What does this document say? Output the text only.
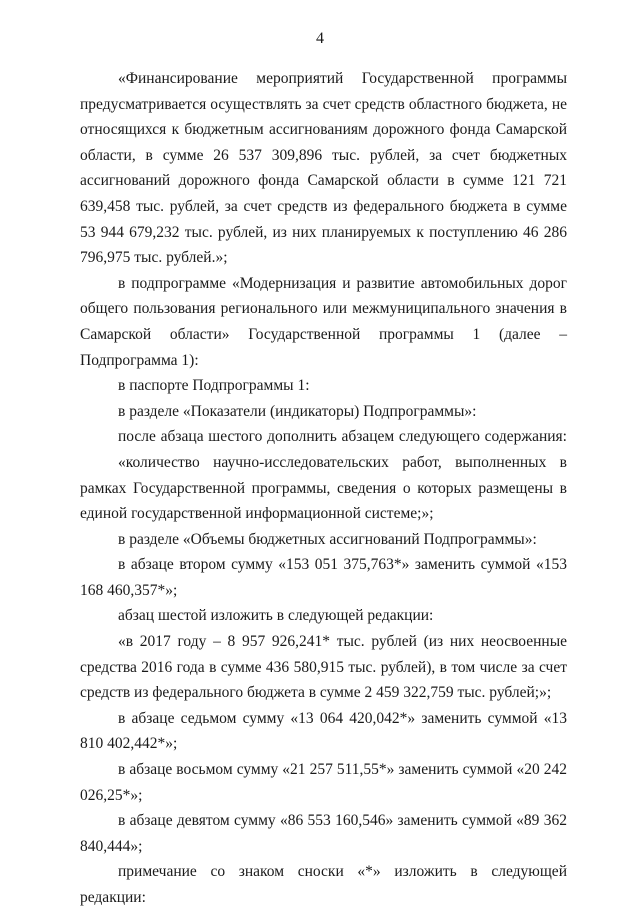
4

«Финансирование мероприятий Государственной программы предусматривается осуществлять за счет средств областного бюджета, не относящихся к бюджетным ассигнованиям дорожного фонда Самарской области, в сумме 26 537 309,896 тыс. рублей, за счет бюджетных ассигнований дорожного фонда Самарской области в сумме 121 721 639,458 тыс. рублей, за счет средств из федерального бюджета в сумме 53 944 679,232 тыс. рублей, из них планируемых к поступлению 46 286 796,975 тыс. рублей.»;

в подпрограмме «Модернизация и развитие автомобильных дорог общего пользования регионального или межмуниципального значения в Самарской области» Государственной программы 1 (далее – Подпрограмма 1):

в паспорте Подпрограммы 1:

в разделе «Показатели (индикаторы) Подпрограммы»:

после абзаца шестого дополнить абзацем следующего содержания:

«количество научно-исследовательских работ, выполненных в рамках Государственной программы, сведения о которых размещены в единой государственной информационной системе;»;

в разделе «Объемы бюджетных ассигнований Подпрограммы»:

в абзаце втором сумму «153 051 375,763*» заменить суммой «153 168 460,357*»;

абзац шестой изложить в следующей редакции:

«в 2017 году – 8 957 926,241* тыс. рублей (из них неосвоенные средства 2016 года в сумме 436 580,915 тыс. рублей), в том числе за счет средств из федерального бюджета в сумме 2 459 322,759 тыс. рублей;»;

в абзаце седьмом сумму «13 064 420,042*» заменить суммой «13 810 402,442*»;

в абзаце восьмом сумму «21 257 511,55*» заменить суммой «20 242 026,25*»;

в абзаце девятом сумму «86 553 160,546» заменить суммой «89 362 840,444»;

примечание со знаком сноски «*» изложить в следующей редакции:
